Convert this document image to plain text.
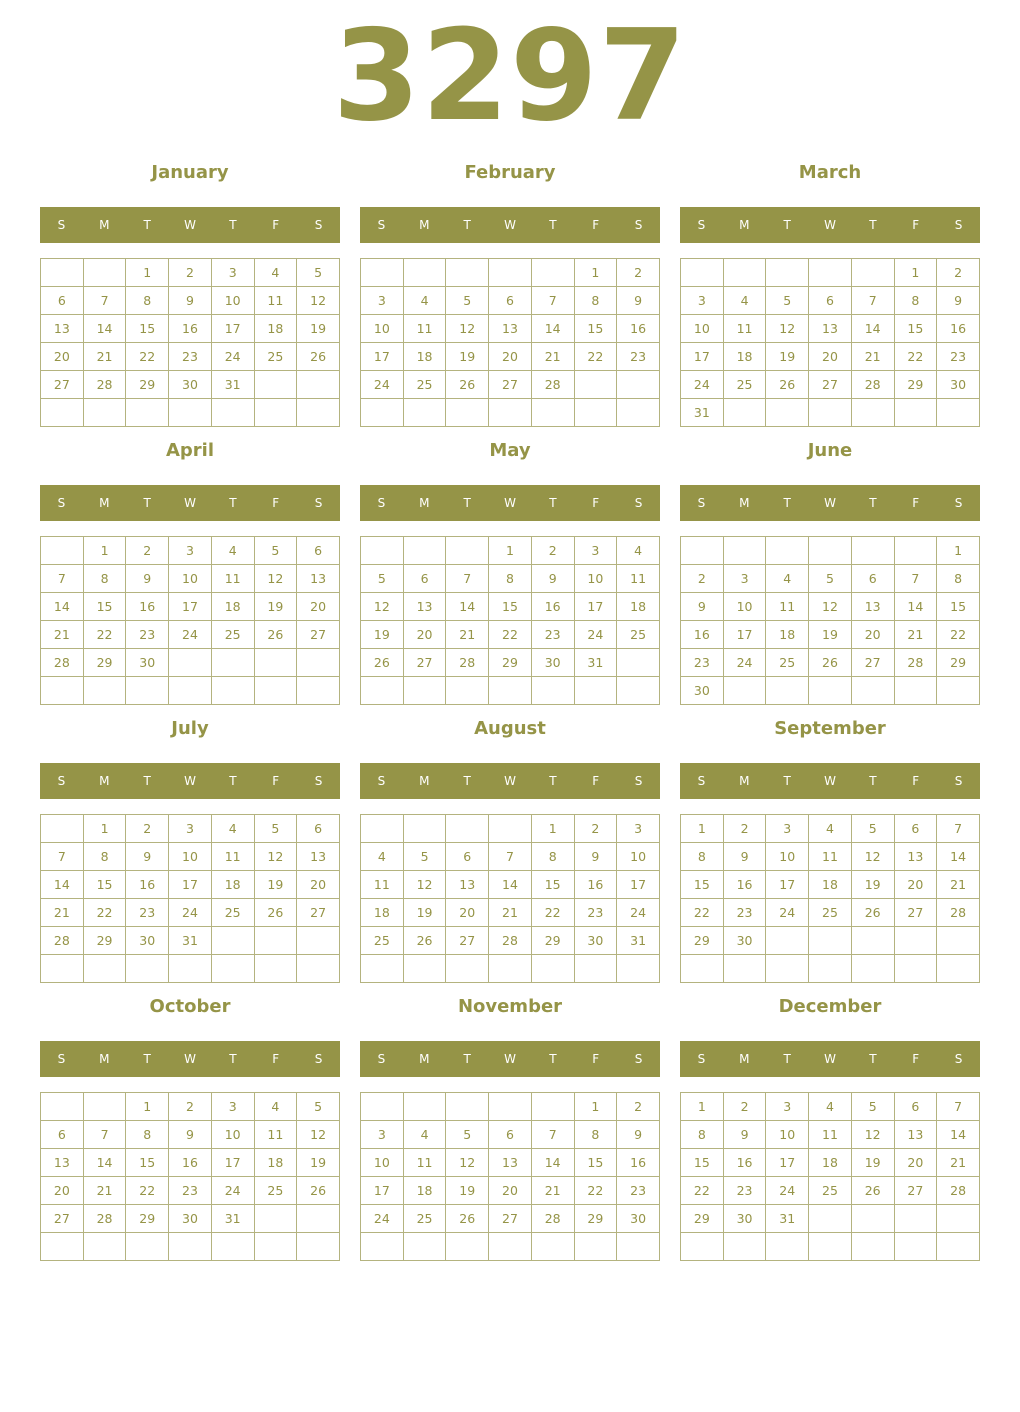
3297
January
S	M	T	W	T	F	S
		1	2	3	4	5
6	7	8	9	10	11	12
13	14	15	16	17	18	19
20	21	22	23	24	25	26
27	28	29	30	31		

February
S	M	T	W	T	F	S
					1	2
3	4	5	6	7	8	9
10	11	12	13	14	15	16
17	18	19	20	21	22	23
24	25	26	27	28		

March
S	M	T	W	T	F	S
					1	2
3	4	5	6	7	8	9
10	11	12	13	14	15	16
17	18	19	20	21	22	23
24	25	26	27	28	29	30
31						
April
S	M	T	W	T	F	S
	1	2	3	4	5	6
7	8	9	10	11	12	13
14	15	16	17	18	19	20
21	22	23	24	25	26	27
28	29	30				

May
S	M	T	W	T	F	S
			1	2	3	4
5	6	7	8	9	10	11
12	13	14	15	16	17	18
19	20	21	22	23	24	25
26	27	28	29	30	31	

June
S	M	T	W	T	F	S
						1
2	3	4	5	6	7	8
9	10	11	12	13	14	15
16	17	18	19	20	21	22
23	24	25	26	27	28	29
30						
July
S	M	T	W	T	F	S
	1	2	3	4	5	6
7	8	9	10	11	12	13
14	15	16	17	18	19	20
21	22	23	24	25	26	27
28	29	30	31			

August
S	M	T	W	T	F	S
				1	2	3
4	5	6	7	8	9	10
11	12	13	14	15	16	17
18	19	20	21	22	23	24
25	26	27	28	29	30	31

September
S	M	T	W	T	F	S
1	2	3	4	5	6	7
8	9	10	11	12	13	14
15	16	17	18	19	20	21
22	23	24	25	26	27	28
29	30					

October
S	M	T	W	T	F	S
		1	2	3	4	5
6	7	8	9	10	11	12
13	14	15	16	17	18	19
20	21	22	23	24	25	26
27	28	29	30	31		

November
S	M	T	W	T	F	S
					1	2
3	4	5	6	7	8	9
10	11	12	13	14	15	16
17	18	19	20	21	22	23
24	25	26	27	28	29	30

December
S	M	T	W	T	F	S
1	2	3	4	5	6	7
8	9	10	11	12	13	14
15	16	17	18	19	20	21
22	23	24	25	26	27	28
29	30	31				
